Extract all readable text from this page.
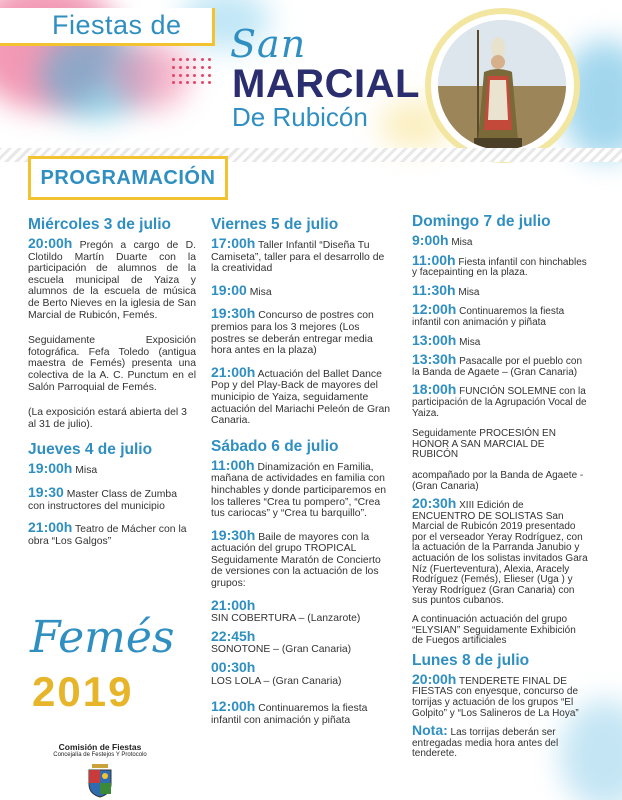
Fiestas de San
MARCIAL
De Rubicón
PROGRAMACIÓN
Miércoles 3 de julio
20:00h Pregón a cargo de D. Clotildo Martín Duarte con la participación de alumnos de la escuela municipal de Yaiza y alumnos de la escuela de música de Berto Nieves en la iglesia de San Marcial de Rubicón, Femés.
Seguidamente Exposición fotográfica. Fefa Toledo (antigua maestra de Femés) presenta una colectiva de la A. C. Punctum en el Salón Parroquial de Femés.
(La exposición estará abierta del 3 al 31 de julio).
Jueves 4 de julio
19:00h Misa
19:30 Master Class de Zumba con instructores del municipio
21:00h Teatro de Mácher con la obra “Los Galgos”
Viernes 5 de julio
17:00h Taller Infantil “Diseña Tu Camiseta”, taller para el desarrollo de la creatividad
19:00 Misa
19:30h Concurso de postres con premios para los 3 mejores (Los postres se deberán entregar media hora antes en la plaza)
21:00h Actuación del Ballet Dance Pop y del Play-Back de mayores del municipio de Yaiza, seguidamente actuación del Mariachi Peleón de Gran Canaria.
Sábado 6 de julio
11:00h Dinamización en Familia, mañana de actividades en familia con hinchables y donde participaremos en los talleres “Crea tu pompero”, “Crea tus cariocas” y “Crea tu barquillo”.
19:30h Baile de mayores con la actuación del grupo TROPICAL Seguidamente Maratón de Concierto de versiones con la actuación de los grupos:
21:00h
SIN COBERTURA – (Lanzarote)
22:45h
SONOTONE – (Gran Canaria)
00:30h
LOS LOLA – (Gran Canaria)
12:00h Continuaremos la fiesta infantil con animación y piñata
Domingo 7 de julio
9:00h Misa
11:00h Fiesta infantil con hinchables y facepainting en la plaza.
11:30h Misa
12:00h Continuaremos la fiesta infantil con animación y piñata
13:00h Misa
13:30h Pasacalle por el pueblo con la Banda de Agaete – (Gran Canaria)
18:00h FUNCIÓN SOLEMNE con la participación de la Agrupación Vocal de Yaiza.
Seguidamente PROCESIÓN EN HONOR A SAN MARCIAL DE RUBICÓN
acompañado por la Banda de Agaete - (Gran Canaria)
20:30h XIII Edición de ENCUENTRO DE SOLISTAS San Marcial de Rubicón 2019 presentado por el verseador Yeray Rodríguez, con la actuación de la Parranda Janubio y actuación de los solistas invitados Gara Níz (Fuerteventura), Alexia, Aracely Rodríguez (Femés), Elieser (Uga ) y Yeray Rodríguez (Gran Canaria) con sus puntos cubanos.
A continuación actuación del grupo “ELYSIAN” Seguidamente Exhibición de Fuegos artificiales
Lunes 8 de julio
20:00h TENDERETE FINAL DE FIESTAS con enyesque, concurso de torrijas y actuación de los grupos “El Golpito” y “Los Salineros de La Hoya”
Nota: Las torrijas deberán ser entregadas media hora antes del tenderete.
Femés
2019
Comisión de Fiestas
Concejalía de Festejos Y Protocolo
